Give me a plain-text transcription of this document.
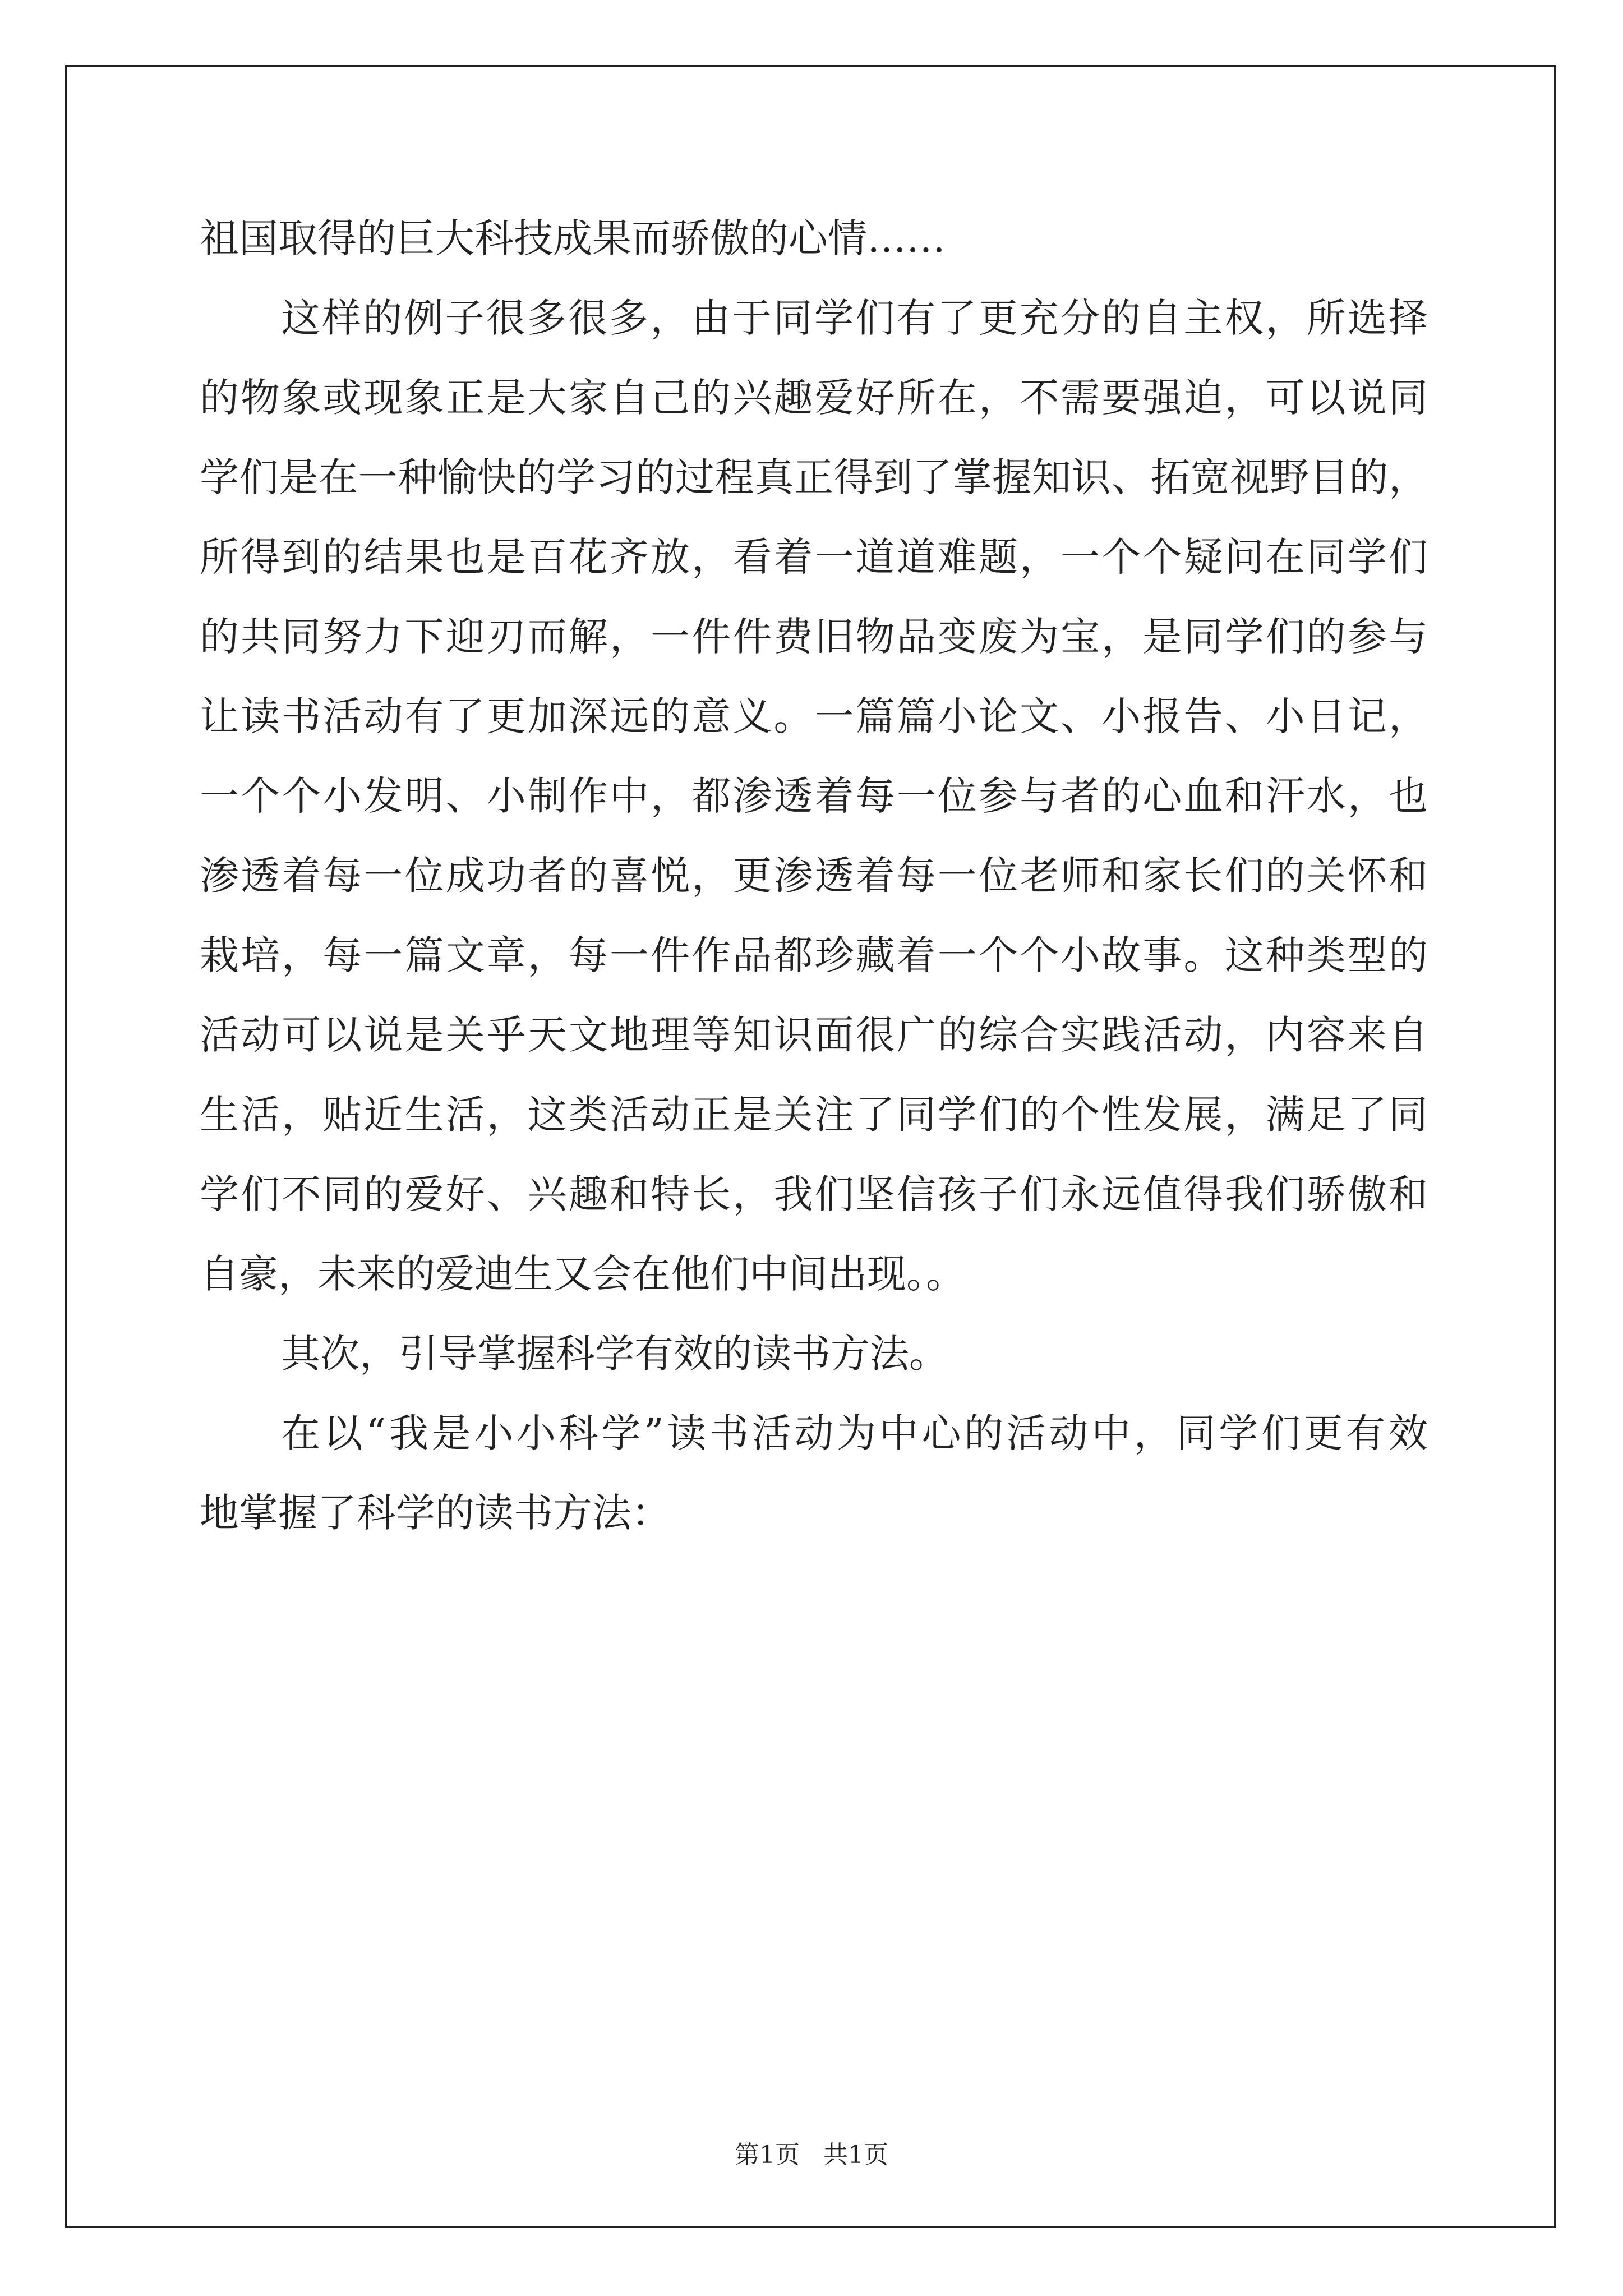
祖国取得的巨大科技成果而骄傲的心情……
这样的例子很多很多，由于同学们有了更充分的自主权，所选择
的物象或现象正是大家自己的兴趣爱好所在，不需要强迫，可以说同
学们是在一种愉快的学习的过程真正得到了掌握知识、拓宽视野目的，
所得到的结果也是百花齐放，看着一道道难题，一个个疑问在同学们
的共同努力下迎刃而解，一件件费旧物品变废为宝，是同学们的参与
让读书活动有了更加深远的意义。一篇篇小论文、小报告、小日记，
一个个小发明、小制作中，都渗透着每一位参与者的心血和汗水，也
渗透着每一位成功者的喜悦，更渗透着每一位老师和家长们的关怀和
栽培，每一篇文章，每一件作品都珍藏着一个个小故事。这种类型的
活动可以说是关乎天文地理等知识面很广的综合实践活动，内容来自
生活，贴近生活，这类活动正是关注了同学们的个性发展，满足了同
学们不同的爱好、兴趣和特长，我们坚信孩子们永远值得我们骄傲和
自豪，未来的爱迪生又会在他们中间出现。。
其次，引导掌握科学有效的读书方法。
在以“我是小小科学”读书活动为中心的活动中，同学们更有效
地掌握了科学的读书方法：
第1页   共1页
